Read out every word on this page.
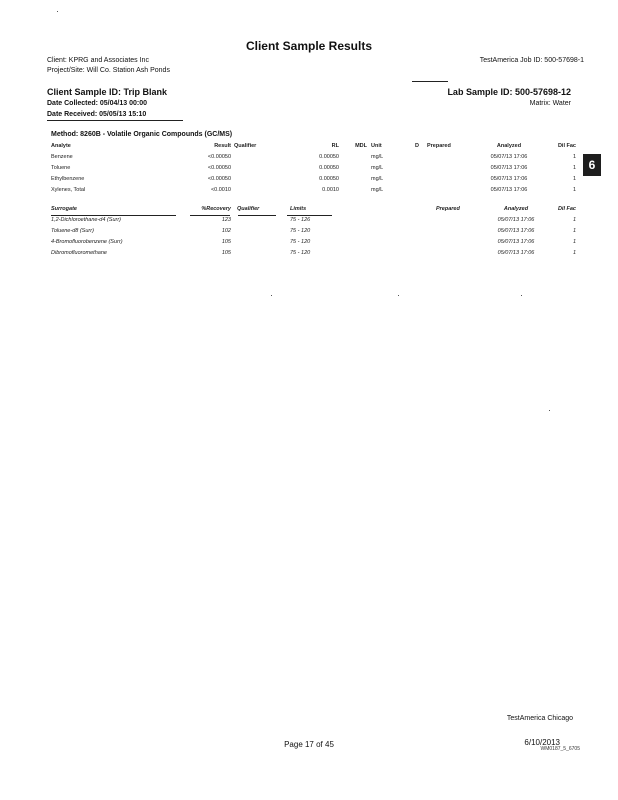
Client Sample Results
Client: KPRG and Associates Inc
Project/Site: Will Co. Station Ash Ponds
TestAmerica Job ID: 500-57698-1
Client Sample ID: Trip Blank	Lab Sample ID: 500-57698-12
Date Collected: 05/04/13 00:00	Matrix: Water
Date Received: 05/05/13 15:10
Method: 8260B - Volatile Organic Compounds (GC/MS)
Analyte	Result	Qualifier	RL	MDL	Unit	D	Prepared	Analyzed	Dil Fac
Benzene	<0.00050		0.00050		mg/L			05/07/13 17:06	1
Toluene	<0.00050		0.00050		mg/L			05/07/13 17:06	1
Ethylbenzene	<0.00050		0.00050		mg/L			05/07/13 17:06	1
Xylenes, Total	<0.0010		0.0010		mg/L			05/07/13 17:06	1
Surrogate	%Recovery	Qualifier	Limits	Prepared	Analyzed	Dil Fac
1,2-Dichloroethane-d4 (Surr)	123		75 - 126		05/07/13 17:06	1
Toluene-d8 (Surr)	102		75 - 120		05/07/13 17:06	1
4-Bromofluorobenzene (Surr)	105		75 - 120		05/07/13 17:06	1
Dibromofluoromethane	105		75 - 120		05/07/13 17:06	1
6
TestAmerica Chicago
Page 17 of 45	6/10/2013
WM0187_5_6705
